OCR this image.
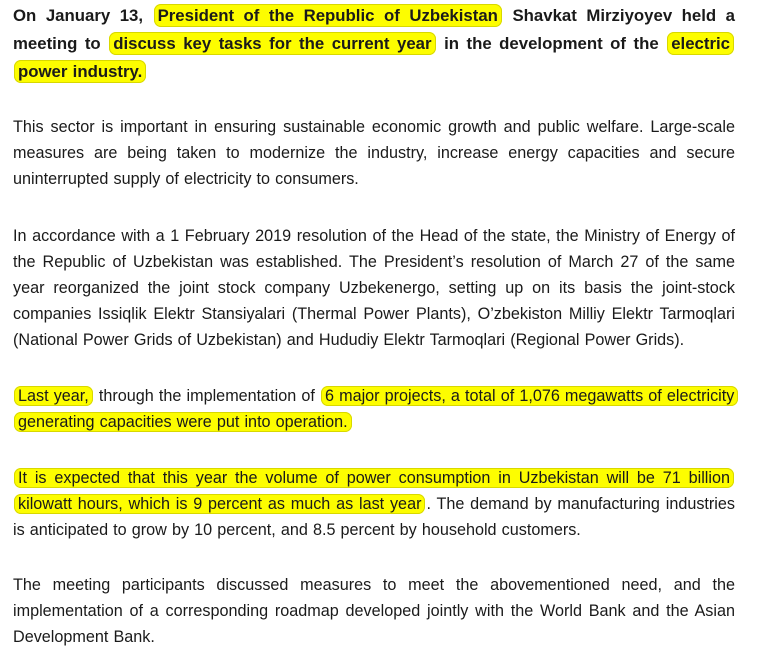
On January 13, President of the Republic of Uzbekistan Shavkat Mirziyoyev held a meeting to discuss key tasks for the current year in the development of the electric power industry.

This sector is important in ensuring sustainable economic growth and public welfare. Large-scale measures are being taken to modernize the industry, increase energy capacities and secure uninterrupted supply of electricity to consumers.

In accordance with a 1 February 2019 resolution of the Head of the state, the Ministry of Energy of the Republic of Uzbekistan was established. The President’s resolution of March 27 of the same year reorganized the joint stock company Uzbekenergo, setting up on its basis the joint-stock companies Issiqlik Elektr Stansiyalari (Thermal Power Plants), O’zbekiston Milliy Elektr Tarmoqlari (National Power Grids of Uzbekistan) and Hududiy Elektr Tarmoqlari (Regional Power Grids).

Last year, through the implementation of 6 major projects, a total of 1,076 megawatts of electricity generating capacities were put into operation.

It is expected that this year the volume of power consumption in Uzbekistan will be 71 billion kilowatt hours, which is 9 percent as much as last year . The demand by manufacturing industries is anticipated to grow by 10 percent, and 8.5 percent by household customers.

The meeting participants discussed measures to meet the abovementioned need, and the implementation of a corresponding roadmap developed jointly with the World Bank and the Asian Development Bank.
